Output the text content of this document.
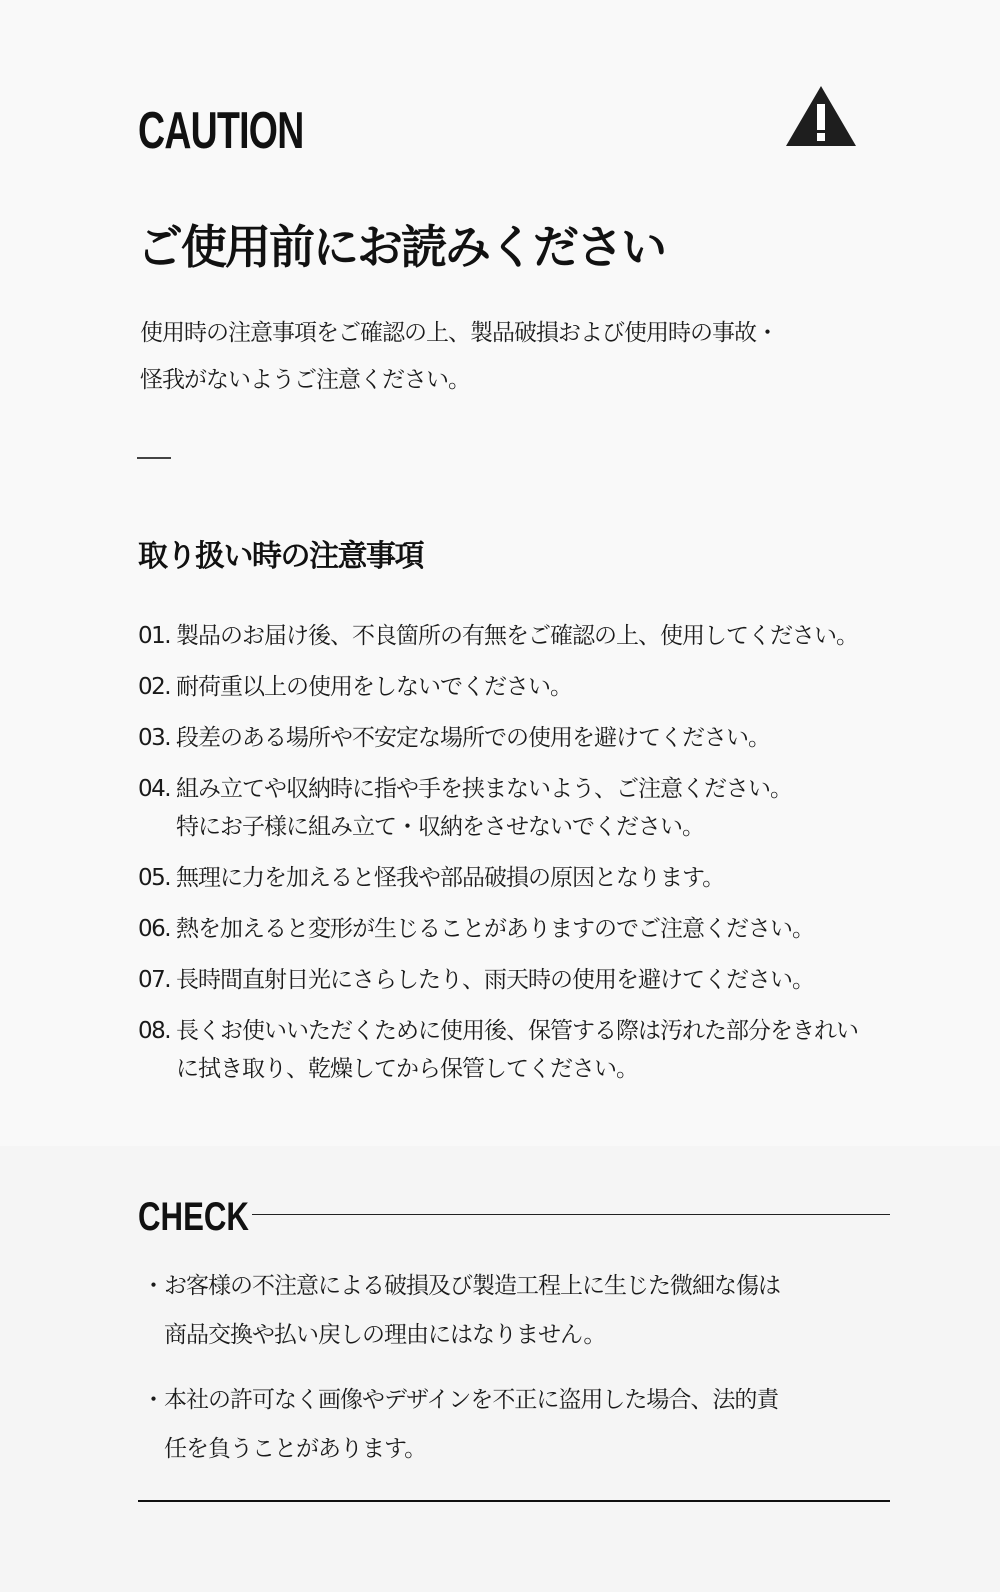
CAUTION
ご使用前にお読みください
使用時の注意事項をご確認の上、製品破損および使用時の事故・
怪我がないようご注意ください。
取り扱い時の注意事項
01. 製品のお届け後、不良箇所の有無をご確認の上、使用してください。
02. 耐荷重以上の使用をしないでください。
03. 段差のある場所や不安定な場所での使用を避けてください。
04. 組み立てや収納時に指や手を挟まないよう、ご注意ください。
特にお子様に組み立て・収納をさせないでください。
05. 無理に力を加えると怪我や部品破損の原因となります。
06. 熱を加えると変形が生じることがありますのでご注意ください。
07. 長時間直射日光にさらしたり、雨天時の使用を避けてください。
08. 長くお使いいただくために使用後、保管する際は汚れた部分をきれい
に拭き取り、乾燥してから保管してください。
CHECK
・ お客様の不注意による破損及び製造工程上に生じた微細な傷は
商品交換や払い戻しの理由にはなりません。
・ 本社の許可なく画像やデザインを不正に盗用した場合、法的責
任を負うことがあります。
